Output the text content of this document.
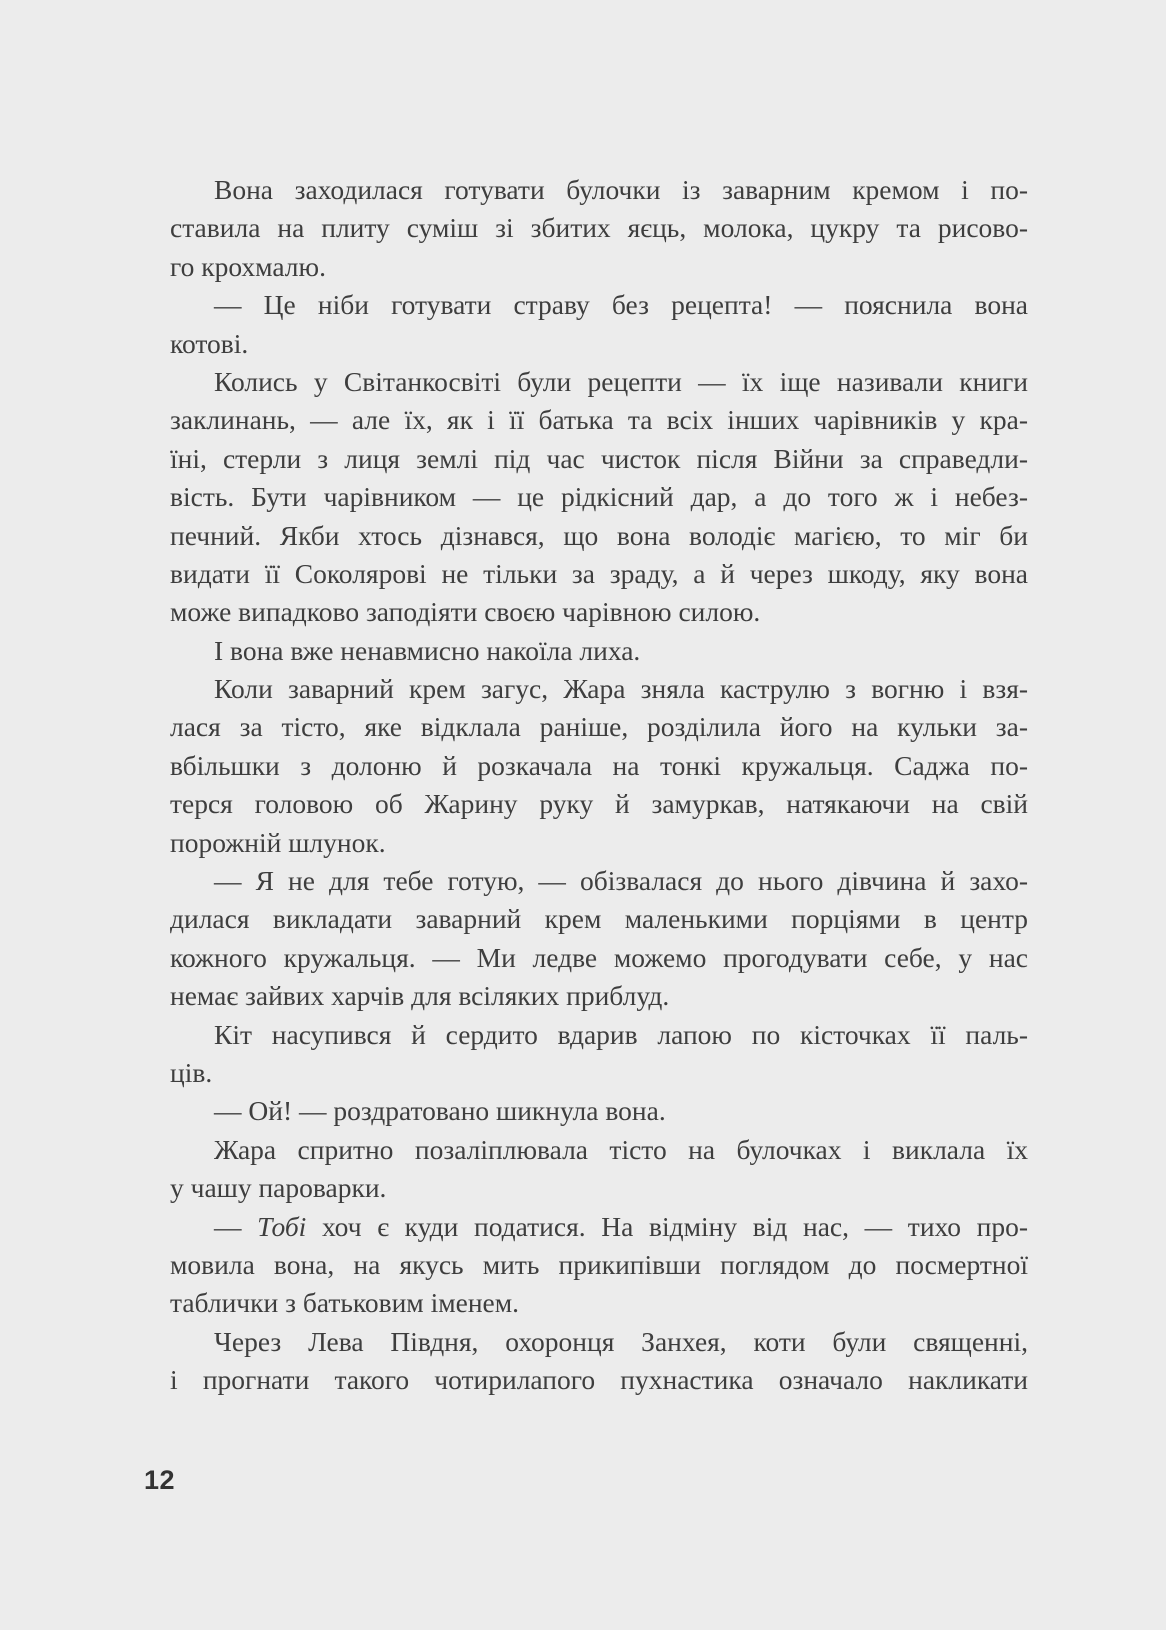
Вона заходилася готувати булочки із заварним кремом і по-
ставила на плиту суміш зі збитих яєць, молока, цукру та рисово-
го крохмалю.
— Це ніби готувати страву без рецепта! — пояснила вона
котові.
Колись у Світанкосвіті були рецепти — їх іще називали книги
заклинань, — але їх, як і її батька та всіх інших чарівників у кра-
їні, стерли з лиця землі під час чисток після Війни за справедли-
вість. Бути чарівником — це рідкісний дар, а до того ж і небез-
печний. Якби хтось дізнався, що вона володіє магією, то міг би
видати її Соколярові не тільки за зраду, а й через шкоду, яку вона
може випадково заподіяти своєю чарівною силою.
І вона вже ненавмисно накоїла лиха.
Коли заварний крем загус, Жара зняла каструлю з вогню і взя-
лася за тісто, яке відклала раніше, розділила його на кульки за-
вбільшки з долоню й розкачала на тонкі кружальця. Саджа по-
терся головою об Жарину руку й замуркав, натякаючи на свій
порожній шлунок.
— Я не для тебе готую, — обізвалася до нього дівчина й захо-
дилася викладати заварний крем маленькими порціями в центр
кожного кружальця. — Ми ледве можемо прогодувати себе, у нас
немає зайвих харчів для всіляких приблуд.
Кіт насупився й сердито вдарив лапою по кісточках її паль-
ців.
— Ой! — роздратовано шикнула вона.
Жара спритно позаліплювала тісто на булочках і виклала їх
у чашу пароварки.
— Тобі хоч є куди податися. На відміну від нас, — тихо про-
мовила вона, на якусь мить прикипівши поглядом до посмертної
таблички з батьковим іменем.
Через Лева Півдня, охоронця Занхея, коти були священні,
і прогнати такого чотирилапого пухнастика означало накликати
12
